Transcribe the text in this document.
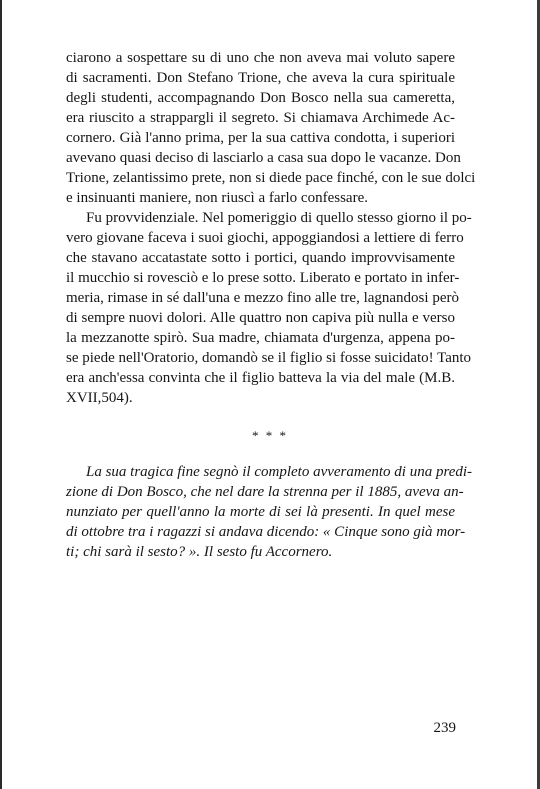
ciarono a sospettare su di uno che non aveva mai voluto sapere
di sacramenti. Don Stefano Trione, che aveva la cura spirituale
degli studenti, accompagnando Don Bosco nella sua cameretta,
era riuscito a strappargli il segreto. Si chiamava Archimede Ac-
cornero. Già l'anno prima, per la sua cattiva condotta, i superiori
avevano quasi deciso di lasciarlo a casa sua dopo le vacanze. Don
Trione, zelantissimo prete, non si diede pace finché, con le sue dolci
e insinuanti maniere, non riuscì a farlo confessare.
Fu provvidenziale. Nel pomeriggio di quello stesso giorno il po-
vero giovane faceva i suoi giochi, appoggiandosi a lettiere di ferro
che stavano accatastate sotto i portici, quando improvvisamente
il mucchio si rovesciò e lo prese sotto. Liberato e portato in infer-
meria, rimase in sé dall'una e mezzo fino alle tre, lagnandosi però
di sempre nuovi dolori. Alle quattro non capiva più nulla e verso
la mezzanotte spirò. Sua madre, chiamata d'urgenza, appena po-
se piede nell'Oratorio, domandò se il figlio si fosse suicidato! Tanto
era anch'essa convinta che il figlio batteva la via del male (M.B.
XVII,504).
* * *
La sua tragica fine segnò il completo avveramento di una predi-
zione di Don Bosco, che nel dare la strenna per il 1885, aveva an-
nunziato per quell'anno la morte di sei là presenti. In quel mese
di ottobre tra i ragazzi si andava dicendo: « Cinque sono già mor-
ti; chi sarà il sesto? ». Il sesto fu Accornero.
239
